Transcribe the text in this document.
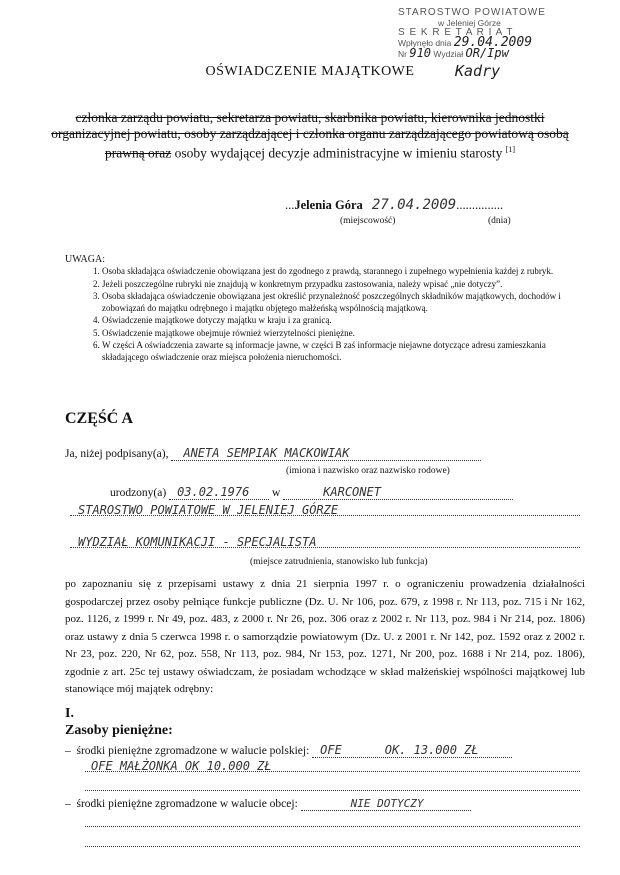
STAROSTWO POWIATOWE
w Jeleniej Górze
S E K R E T A R I A T
Wpłynęło dnia 29.04.2009
Nr 910 Wydział OR/Ipw
Kadry
OŚWIADCZENIE MAJĄTKOWE
członka zarządu powiatu, sekretarza powiatu, skarbnika powiatu, kierownika jednostki organizacyjnej powiatu, osoby zarządzającej i członka organu zarządzającego powiatową osobą prawną oraz osoby wydającej decyzje administracyjne w imieniu starosty [1]
...Jelenia Góra 27.04.2009...............
(miejscowość)	(dnia)
UWAGA:
1. Osoba składająca oświadczenie obowiązana jest do zgodnego z prawdą, starannego i zupełnego wypełnienia każdej z rubryk.
2. Jeżeli poszczególne rubryki nie znajdują w konkretnym przypadku zastosowania, należy wpisać „nie dotyczy”.
3. Osoba składająca oświadczenie obowiązana jest określić przynależność poszczególnych składników majątkowych, dochodów i zobowiązań do majątku odrębnego i majątku objętego małżeńską wspólnością majątkową.
4. Oświadczenie majątkowe dotyczy majątku w kraju i za granicą.
5. Oświadczenie majątkowe obejmuje również wierzytelności pieniężne.
6. W części A oświadczenia zawarte są informacje jawne, w części B zaś informacje niejawne dotyczące adresu zamieszkania składającego oświadczenie oraz miejsca położenia nieruchomości.
CZĘŚĆ A
Ja, niżej podpisany(a), ANETA SEMPIAK MACKOWIAK
(imiona i nazwisko oraz nazwisko rodowe)
urodzony(a) 03.02.1976 w	KARCONET
STAROSTWO POWIATOWE W JELENIEJ GÓRZE
WYDZIAŁ KOMUNIKACJI - SPECJALISTA
(miejsce zatrudnienia, stanowisko lub funkcja)
po zapoznaniu się z przepisami ustawy z dnia 21 sierpnia 1997 r. o ograniczeniu prowadzenia działalności gospodarczej przez osoby pełniące funkcje publiczne (Dz. U. Nr 106, poz. 679, z 1998 r. Nr 113, poz. 715 i Nr 162, poz. 1126, z 1999 r. Nr 49, poz. 483, z 2000 r. Nr 26, poz. 306 oraz z 2002 r. Nr 113, poz. 984 i Nr 214, poz. 1806) oraz ustawy z dnia 5 czerwca 1998 r. o samorządzie powiatowym (Dz. U. z 2001 r. Nr 142, poz. 1592 oraz z 2002 r. Nr 23, poz. 220, Nr 62, poz. 558, Nr 113, poz. 984, Nr 153, poz. 1271, Nr 200, poz. 1688 i Nr 214, poz. 1806), zgodnie z art. 25c tej ustawy oświadczam, że posiadam wchodzące w skład małżeńskiej wspólności majątkowej lub stanowiące mój majątek odrębny:
I.
Zasoby pieniężne:
–  środki pieniężne zgromadzone w walucie polskiej: OFE	OK. 13.000 ZŁ
OFE MAŁŻONKA OK 10.000 ZŁ
–  środki pieniężne zgromadzone w walucie obcej:	NIE DOTYCZY
